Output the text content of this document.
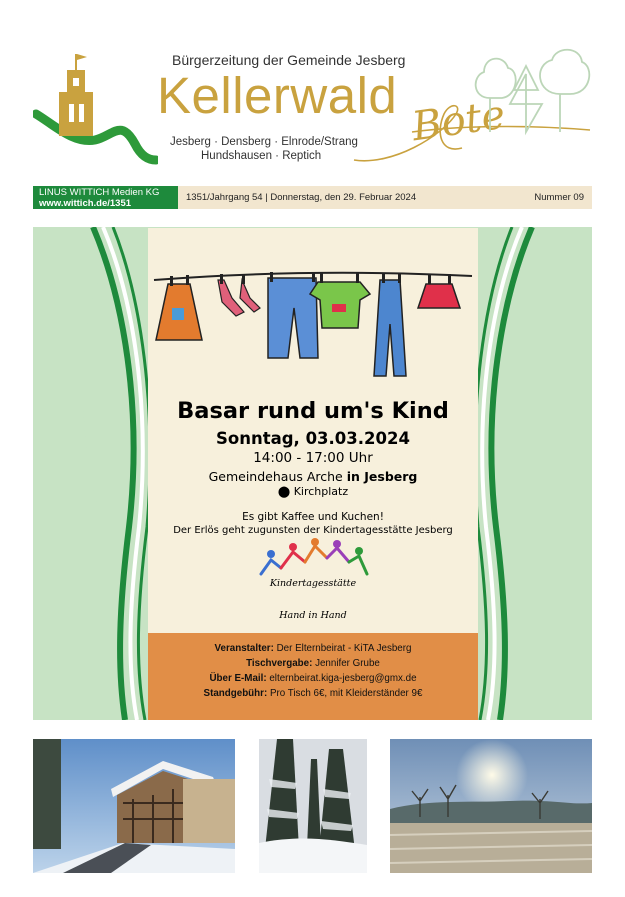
Bürgerzeitung der Gemeinde Jesberg
Kellerwald Bote
Jesberg · Densberg · Elnrode/Strang
Hundshausen · Reptich
LINUS WITTICH Medien KG
www.wittich.de/1351
1351/Jahrgang 54 | Donnerstag, den 29. Februar 2024	Nummer 09
Basar rund um's Kind
Sonntag, 03.03.2024
14:00 - 17:00 Uhr
Gemeindehaus Arche in Jesberg
⬤ Kirchplatz
Es gibt Kaffee und Kuchen!
Der Erlös geht zugunsten der Kindertagesstätte Jesberg
Kindertagesstätte
Hand in Hand
Veranstalter: Der Elternbeirat - KiTA Jesberg
Tischvergabe: Jennifer Grube
Über E-Mail: elternbeirat.kiga-jesberg@gmx.de
Standgebühr: Pro Tisch 6€, mit Kleiderständer 9€
